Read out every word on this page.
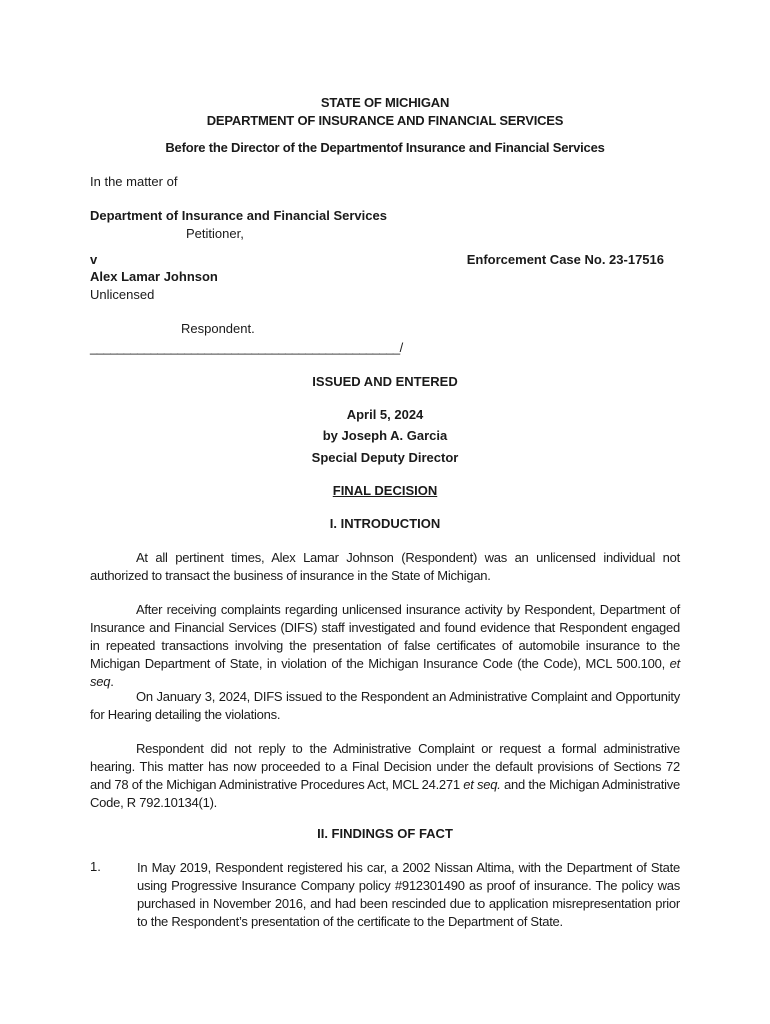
STATE OF MICHIGAN
DEPARTMENT OF INSURANCE AND FINANCIAL SERVICES
Before the Director of the Departmentof Insurance and Financial Services
In the matter of
Department of Insurance and Financial Services
Petitioner,
v	Enforcement Case No. 23-17516
Alex Lamar Johnson
Unlicensed
Respondent.
______________________________________________/
ISSUED AND ENTERED
April 5, 2024
by Joseph A. Garcia
Special Deputy Director
FINAL DECISION
I. INTRODUCTION
At all pertinent times, Alex Lamar Johnson (Respondent) was an unlicensed individual not authorized to transact the business of insurance in the State of Michigan.
After receiving complaints regarding unlicensed insurance activity by Respondent, Department of Insurance and Financial Services (DIFS) staff investigated and found evidence that Respondent engaged in repeated transactions involving the presentation of false certificates of automobile insurance to the Michigan Department of State, in violation of the Michigan Insurance Code (the Code), MCL 500.100, et seq.
On January 3, 2024, DIFS issued to the Respondent an Administrative Complaint and Opportunity for Hearing detailing the violations.
Respondent did not reply to the Administrative Complaint or request a formal administrative hearing. This matter has now proceeded to a Final Decision under the default provisions of Sections 72 and 78 of the Michigan Administrative Procedures Act, MCL 24.271 et seq. and the Michigan Administrative Code, R 792.10134(1).
II. FINDINGS OF FACT
1.	In May 2019, Respondent registered his car, a 2002 Nissan Altima, with the Department of State using Progressive Insurance Company policy #912301490 as proof of insurance. The policy was purchased in November 2016, and had been rescinded due to application misrepresentation prior to the Respondent’s presentation of the certificate to the Department of State.
